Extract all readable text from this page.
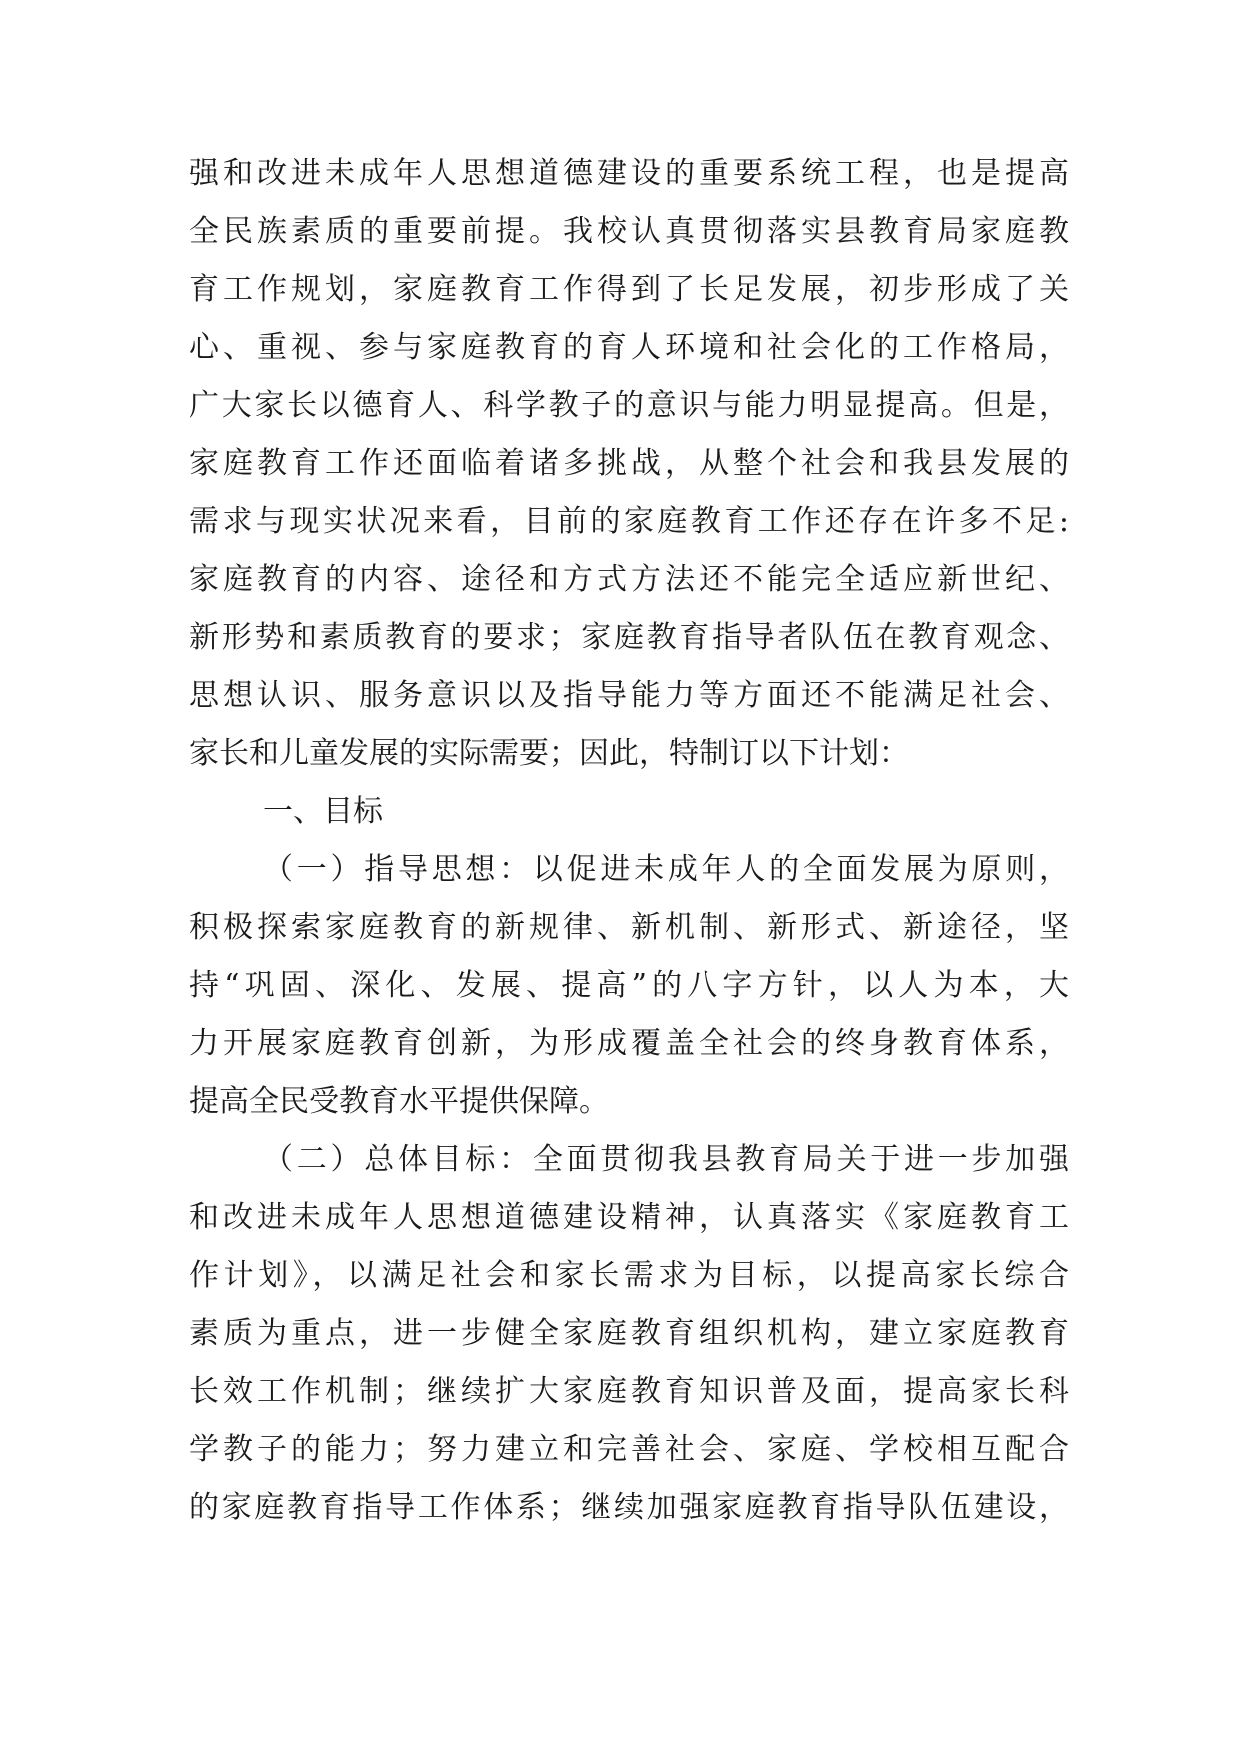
强和改进未成年人思想道德建设的重要系统工程，也是提高
全民族素质的重要前提。我校认真贯彻落实县教育局家庭教
育工作规划，家庭教育工作得到了长足发展，初步形成了关
心、重视、参与家庭教育的育人环境和社会化的工作格局，
广大家长以德育人、科学教子的意识与能力明显提高。但是，
家庭教育工作还面临着诸多挑战，从整个社会和我县发展的
需求与现实状况来看，目前的家庭教育工作还存在许多不足:
家庭教育的内容、途径和方式方法还不能完全适应新世纪、
新形势和素质教育的要求；家庭教育指导者队伍在教育观念、
思想认识、服务意识以及指导能力等方面还不能满足社会、
家长和儿童发展的实际需要；因此，特制订以下计划：
一、目标
（一）指导思想：以促进未成年人的全面发展为原则，
积极探索家庭教育的新规律、新机制、新形式、新途径，坚
持“巩固、深化、发展、提高”的八字方针，以人为本，大
力开展家庭教育创新，为形成覆盖全社会的终身教育体系，
提高全民受教育水平提供保障。
（二）总体目标：全面贯彻我县教育局关于进一步加强
和改进未成年人思想道德建设精神，认真落实《家庭教育工
作计划》，以满足社会和家长需求为目标，以提高家长综合
素质为重点，进一步健全家庭教育组织机构，建立家庭教育
长效工作机制；继续扩大家庭教育知识普及面，提高家长科
学教子的能力；努力建立和完善社会、家庭、学校相互配合
的家庭教育指导工作体系；继续加强家庭教育指导队伍建设，
